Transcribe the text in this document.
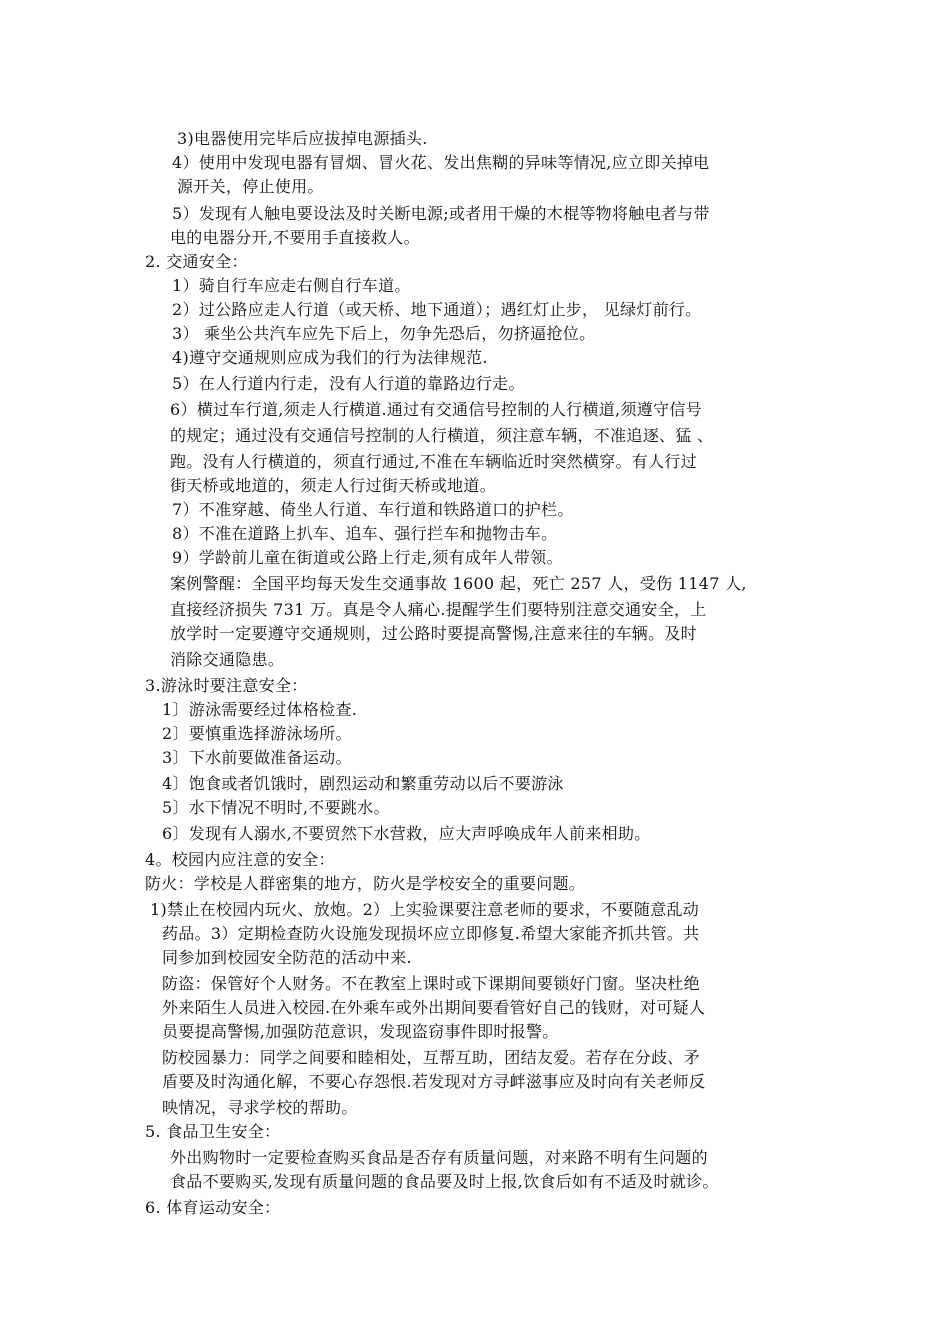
3)电器使用完毕后应拔掉电源插头.
4）使用中发现电器有冒烟、冒火花、发出焦糊的异味等情况,应立即关掉电
源开关，停止使用。
5）发现有人触电要设法及时关断电源;或者用干燥的木棍等物将触电者与带
电的电器分开,不要用手直接救人。
2. 交通安全：
1）骑自行车应走右侧自行车道。
2）过公路应走人行道（或天桥、地下通道）；遇红灯止步， 见绿灯前行。
3） 乘坐公共汽车应先下后上，勿争先恐后，勿挤逼抢位。
4)遵守交通规则应成为我们的行为法律规范.
5）在人行道内行走，没有人行道的靠路边行走。
6）横过车行道,须走人行横道.通过有交通信号控制的人行横道,须遵守信号
的规定；通过没有交通信号控制的人行横道，须注意车辆，不准追逐、猛 、
跑。没有人行横道的，须直行通过,不准在车辆临近时突然横穿。有人行过
街天桥或地道的，须走人行过街天桥或地道。
7）不准穿越、倚坐人行道、车行道和铁路道口的护栏。
8）不准在道路上扒车、追车、强行拦车和抛物击车。
9）学龄前儿童在街道或公路上行走,须有成年人带领。
案例警醒：全国平均每天发生交通事故 1600 起，死亡 257 人，受伤 1147 人,
直接经济损失 731 万。真是令人痛心.提醒学生们要特别注意交通安全，上
放学时一定要遵守交通规则，过公路时要提高警惕,注意来往的车辆。及时
消除交通隐患。
3.游泳时要注意安全：
1〕游泳需要经过体格检查.
2〕要慎重选择游泳场所。
3〕下水前要做准备运动。
4〕饱食或者饥饿时，剧烈运动和繁重劳动以后不要游泳
5〕水下情况不明时,不要跳水。
6〕发现有人溺水,不要贸然下水营救，应大声呼唤成年人前来相助。
4。校园内应注意的安全：
防火：学校是人群密集的地方，防火是学校安全的重要问题。
1)禁止在校园内玩火、放炮。2）上实验课要注意老师的要求，不要随意乱动
药品。3）定期检查防火设施发现损坏应立即修复.希望大家能齐抓共管。共
同参加到校园安全防范的活动中来.
防盗：保管好个人财务。不在教室上课时或下课期间要锁好门窗。坚决杜绝
外来陌生人员进入校园.在外乘车或外出期间要看管好自己的钱财，对可疑人
员要提高警惕,加强防范意识，发现盗窃事件即时报警。
防校园暴力：同学之间要和睦相处，互帮互助，团结友爱。若存在分歧、矛
盾要及时沟通化解，不要心存怨恨.若发现对方寻衅滋事应及时向有关老师反
映情况，寻求学校的帮助。
5. 食品卫生安全：
外出购物时一定要检查购买食品是否存有质量问题，对来路不明有生问题的
食品不要购买,发现有质量问题的食品要及时上报,饮食后如有不适及时就诊。
6. 体育运动安全：
